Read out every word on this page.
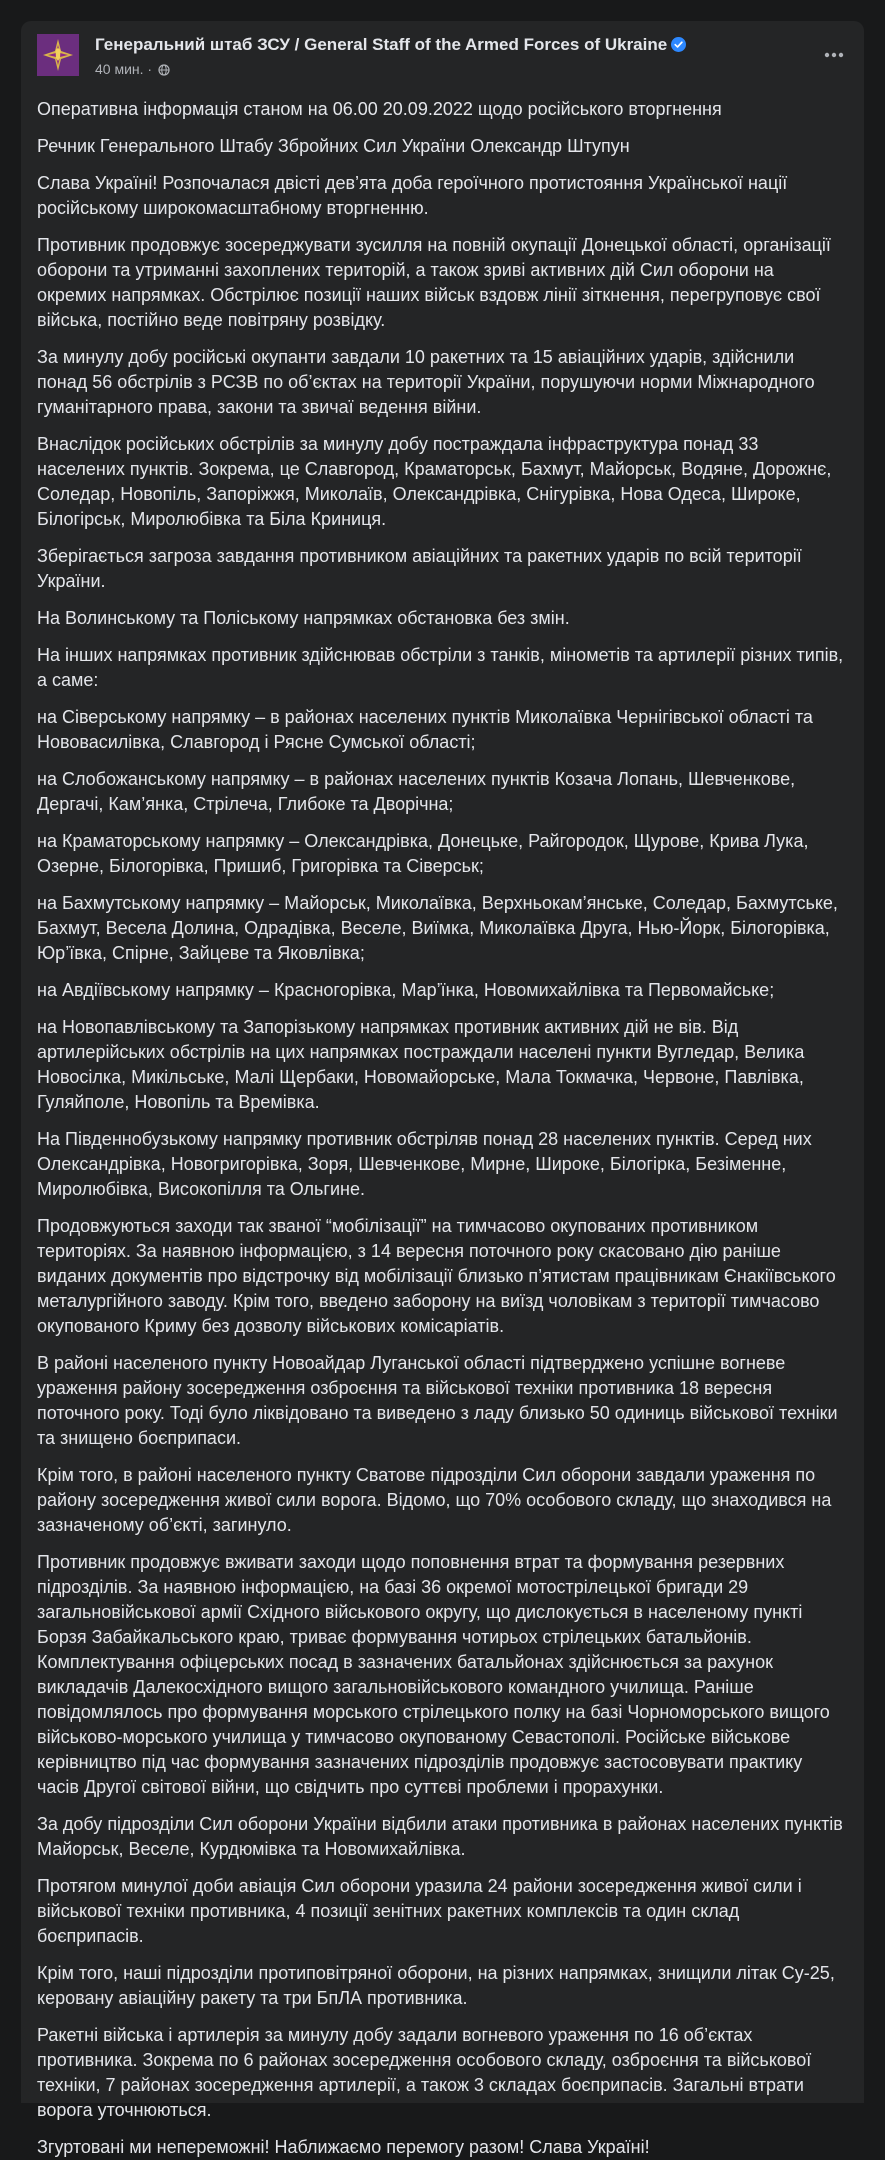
Генеральний штаб ЗСУ / General Staff of the Armed Forces of Ukraine
40 мин. ·

Оперативна інформація станом на 06.00 20.09.2022 щодо російського вторгнення

Речник Генерального Штабу Збройних Сил України Олександр Штупун

Слава Україні! Розпочалася двісті дев’ята доба героїчного протистояння Української нації російському широкомасштабному вторгненню.

Противник продовжує зосереджувати зусилля на повній окупації Донецької області, організації оборони та утриманні захоплених територій, а також зриві активних дій Сил оборони на окремих напрямках. Обстрілює позиції наших військ вздовж лінії зіткнення, перегруповує свої війська, постійно веде повітряну розвідку.

За минулу добу російські окупанти завдали 10 ракетних та 15 авіаційних ударів, здійснили понад 56 обстрілів з РСЗВ по об’єктах на території України, порушуючи норми Міжнародного гуманітарного права, закони та звичаї ведення війни.

Внаслідок російських обстрілів за минулу добу постраждала інфраструктура понад 33 населених пунктів. Зокрема, це Славгород, Краматорськ, Бахмут, Майорськ, Водяне, Дорожнє, Соледар, Новопіль, Запоріжжя, Миколаїв, Олександрівка, Снігурівка, Нова Одеса, Широке, Білогірськ, Миролюбівка та Біла Криниця.

Зберігається загроза завдання противником авіаційних та ракетних ударів по всій території України.

На Волинському та Поліському напрямках обстановка без змін.

На інших напрямках противник здійснював обстріли з танків, мінометів та артилерії різних типів, а саме:

на Сіверському напрямку – в районах населених пунктів Миколаївка Чернігівської області та Нововасилівка, Славгород і Рясне Сумської області;

на Слобожанському напрямку – в районах населених пунктів Козача Лопань, Шевченкове, Дергачі, Кам’янка, Стрілеча, Глибоке та Дворічна;

на Краматорському напрямку – Олександрівка, Донецьке, Райгородок, Щурове, Крива Лука, Озерне, Білогорівка, Пришиб, Григорівка та Сіверськ;

на Бахмутському напрямку – Майорськ, Миколаївка, Верхньокам’янське, Соледар, Бахмутське, Бахмут, Весела Долина, Одрадівка, Веселе, Виїмка, Миколаївка Друга, Нью-Йорк, Білогорівка, Юр’ївка, Спірне, Зайцеве та Яковлівка;

на Авдіївському напрямку – Красногорівка, Мар’їнка, Новомихайлівка та Первомайське;

на Новопавлівському та Запорізькому напрямках противник активних дій не вів. Від артилерійських обстрілів на цих напрямках постраждали населені пункти Вугледар, Велика Новосілка, Микільське, Малі Щербаки, Новомайорське, Мала Токмачка, Червоне, Павлівка, Гуляйполе, Новопіль та Времівка.

На Південнобузькому напрямку противник обстріляв понад 28 населених пунктів. Серед них Олександрівка, Новогригорівка, Зоря, Шевченкове, Мирне, Широке, Білогірка, Безіменне, Миролюбівка, Високопілля та Ольгине.

Продовжуються заходи так званої “мобілізації” на тимчасово окупованих противником територіях. За наявною інформацією, з 14 вересня поточного року скасовано дію раніше виданих документів про відстрочку від мобілізації близько п’ятистам працівникам Єнакіївського металургійного заводу. Крім того, введено заборону на виїзд чоловікам з території тимчасово окупованого Криму без дозволу військових комісаріатів.

В районі населеного пункту Новоайдар Луганської області підтверджено успішне вогневе ураження району зосередження озброєння та військової техніки противника 18 вересня поточного року. Тоді було ліквідовано та виведено з ладу близько 50 одиниць військової техніки та знищено боєприпаси.

Крім того, в районі населеного пункту Сватове підрозділи Сил оборони завдали ураження по району зосередження живої сили ворога. Відомо, що 70% особового складу, що знаходився на зазначеному об’єкті, загинуло.

Противник продовжує вживати заходи щодо поповнення втрат та формування резервних підрозділів. За наявною інформацією, на базі 36 окремої мотострілецької бригади 29 загальновійськової армії Східного військового округу, що дислокується в населеному пункті Борзя Забайкальського краю, триває формування чотирьох стрілецьких батальйонів. Комплектування офіцерських посад в зазначених батальйонах здійснюється за рахунок викладачів Далекосхідного вищого загальновійськового командного училища. Раніше повідомлялось про формування морського стрілецького полку на базі Чорноморського вищого військово-морського училища у тимчасово окупованому Севастополі. Російське військове керівництво під час формування зазначених підрозділів продовжує застосовувати практику часів Другої світової війни, що свідчить про суттєві проблеми і прорахунки.

За добу підрозділи Сил оборони України відбили атаки противника в районах населених пунктів Майорськ, Веселе, Курдюмівка та Новомихайлівка.

Протягом минулої доби авіація Сил оборони уразила 24 райони зосередження живої сили і військової техніки противника, 4 позиції зенітних ракетних комплексів та один склад боєприпасів.

Крім того, наші підрозділи протиповітряної оборони, на різних напрямках, знищили літак Су-25, керовану авіаційну ракету та три БпЛА противника.

Ракетні війська і артилерія за минулу добу задали вогневого ураження по 16 об’єктах противника. Зокрема по 6 районах зосередження особового складу, озброєння та військової техніки, 7 районах зосередження артилерії, а також 3 складах боєприпасів. Загальні втрати ворога уточнюються.

Згуртовані ми непереможні! Наближаємо перемогу разом! Слава Україні!
